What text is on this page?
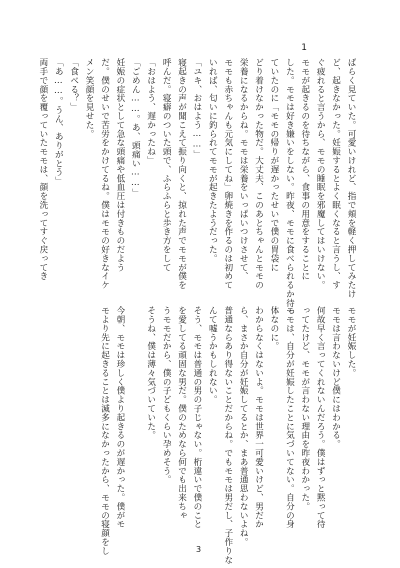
1
ばらく見ていた。可愛いけれど、指で頬を軽く押してみたけ
ど、起きなかった。妊娠するとよく眠くなると言うし、す
ぐ疲れると言うから、モモの睡眠を邪魔してはいけない。
モモが起きるのを待ちながら、食事の用意をすることに
した。モモは好き嫌いをしない。昨夜、モモに食べられるか待っ
ていたのに「モモの帰りが遅かったせいで僕の胃袋に
どり着けなかった物だ。大丈夫、このあとちゃんとモモの
栄養になるからね。モモは栄養をいっぱいつけさせて、
モモも赤ちゃんも元気にしてね」卵焼きを作るのは初めて
いれば、匂いに釣られてモモが起きたようだった。
「ユキ、おはよう……」
寝起きの声が聞こえて振り向くと、掠れた声でモモが僕を
呼んだ。寝癖のついた頭で、ふらふらと歩き方をして
「おはよう、遅かったね」
「ごめん……。あ、頭痛い……」
妊娠の症状として急な頭痛や低血圧は付きものだよう
だ。僕のせいで苦労をかけてるね。僕はモモの好きなイケ
メン笑顔を見せた。
「食べる？」
「あ……。うん、ありがとう」
両手で顔を覆っていたモモは、顔を洗ってすぐ戻ってき
モモが妊娠した。
モモは言わないけど僕にはわかる。
何故早く言ってくれないんだろう。僕はずっと黙って待
ってたけど、モモが言わない理由を昨夜わかった。
モモは、自分が妊娠したことに気づいてない。自分の身
体なのに。
わからなくはないよ。モモは世界一可愛いけど、男だか
ら、まさか自分が妊娠してるとか、まあ普通思わないよね。
普通ならあり得ないことだからね。でもモモは男だし、子作りな
んて嘘うかもしれない。
そう、モモは普通の男の子じゃない。桁違いで僕のこと
を愛してる頑固な男だ。僕のためなら何でも出来ちゃ
うモモだから、僕の子どもくらい孕めそう。
そうね、僕は薄々気づいていた。

今朝、モモは珍しく僕より起きるのが遅かった。僕がモ
モより先に起きることは滅多になかったから、モモの寝顔をし	3
